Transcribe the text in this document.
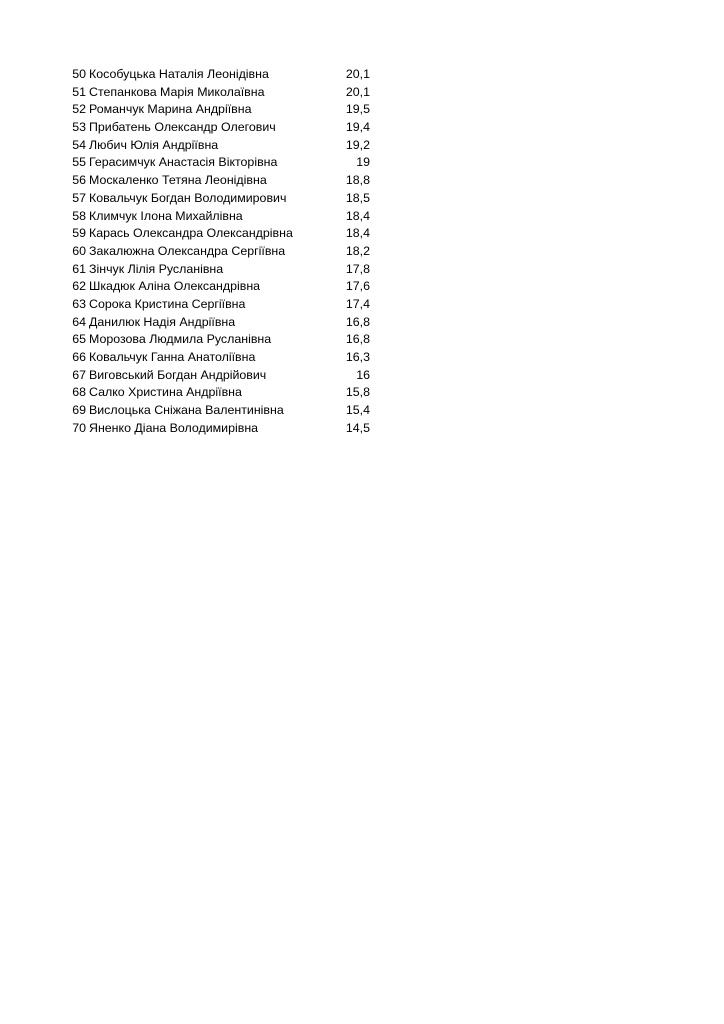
50 Кособуцька Наталія Леонідівна	20,1
51 Степанкова Марія Миколаївна	20,1
52 Романчук Марина Андріївна	19,5
53 Прибатень Олександр Олегович	19,4
54 Любич Юлія Андріївна	19,2
55 Герасимчук Анастасія Вікторівна	19
56 Москаленко Тетяна Леонідівна	18,8
57 Ковальчук Богдан Володимирович	18,5
58 Климчук Ілона Михайлівна	18,4
59 Карась Олександра Олександрівна	18,4
60 Закалюжна Олександра Сергіївна	18,2
61 Зінчук Лілія Русланівна	17,8
62 Шкадюк Аліна Олександрівна	17,6
63 Сорока Кристина Сергіївна	17,4
64 Данилюк Надія Андріївна	16,8
65 Морозова Людмила Русланівна	16,8
66 Ковальчук Ганна Анатоліївна	16,3
67 Виговський Богдан Андрійович	16
68 Салко Христина Андріївна	15,8
69 Вислоцька Сніжана Валентинівна	15,4
70 Яненко Діана Володимирівна	14,5
